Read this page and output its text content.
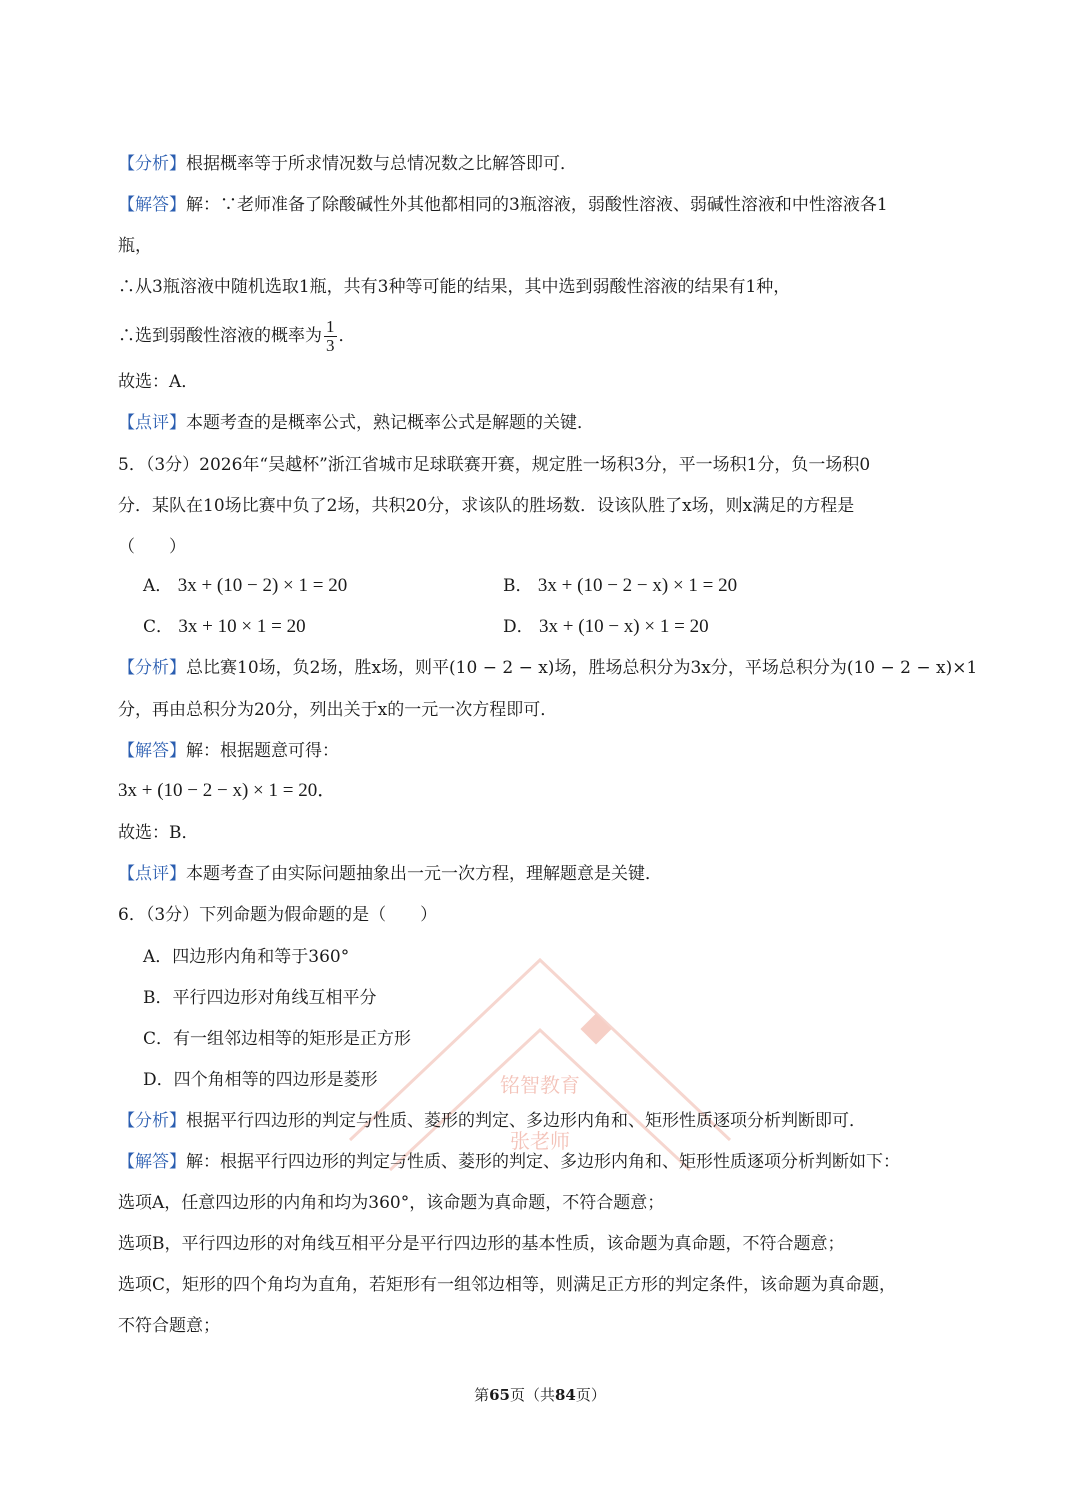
铭智教育
张老师
【分析】根据概率等于所求情况数与总情况数之比解答即可．
【解答】解：∵老师准备了除酸碱性外其他都相同的3瓶溶液，弱酸性溶液、弱碱性溶液和中性溶液各1
瓶，
∴从3瓶溶液中随机选取1瓶，共有3种等可能的结果，其中选到弱酸性溶液的结果有1种，
∴选到弱酸性溶液的概率为 $\frac{1}{3}$ ．
故选：A．
【点评】本题考查的是概率公式，熟记概率公式是解题的关键．
5．（3分）2026年“吴越杯”浙江省城市足球联赛开赛，规定胜一场积3分，平一场积1分，负一场积0
分．某队在10场比赛中负了2场，共积20分，求该队的胜场数．设该队胜了x场，则x满足的方程是
（　　）
A． 3x + (10 − 2) × 1 = 20	B． 3x + (10 − 2 − x) × 1 = 20
C． 3x + 10 × 1 = 20	D． 3x + (10 − x) × 1 = 20
【分析】总比赛10场，负2场，胜x场，则平(10 − 2 − x)场，胜场总积分为3x分，平场总积分为(10 − 2 − x)×1
分，再由总积分为20分，列出关于x的一元一次方程即可．
【解答】解：根据题意可得：
3x + (10 − 2 − x) × 1 = 20．
故选：B．
【点评】本题考查了由实际问题抽象出一元一次方程，理解题意是关键．
6．（3分）下列命题为假命题的是（　　）
A．四边形内角和等于360°
B．平行四边形对角线互相平分
C．有一组邻边相等的矩形是正方形
D．四个角相等的四边形是菱形
【分析】根据平行四边形的判定与性质、菱形的判定、多边形内角和、矩形性质逐项分析判断即可．
【解答】解：根据平行四边形的判定与性质、菱形的判定、多边形内角和、矩形性质逐项分析判断如下：
选项A，任意四边形的内角和均为360°，该命题为真命题，不符合题意；
选项B，平行四边形的对角线互相平分是平行四边形的基本性质，该命题为真命题，不符合题意；
选项C，矩形的四个角均为直角，若矩形有一组邻边相等，则满足正方形的判定条件，该命题为真命题，
不符合题意；
第65页（共84页）
